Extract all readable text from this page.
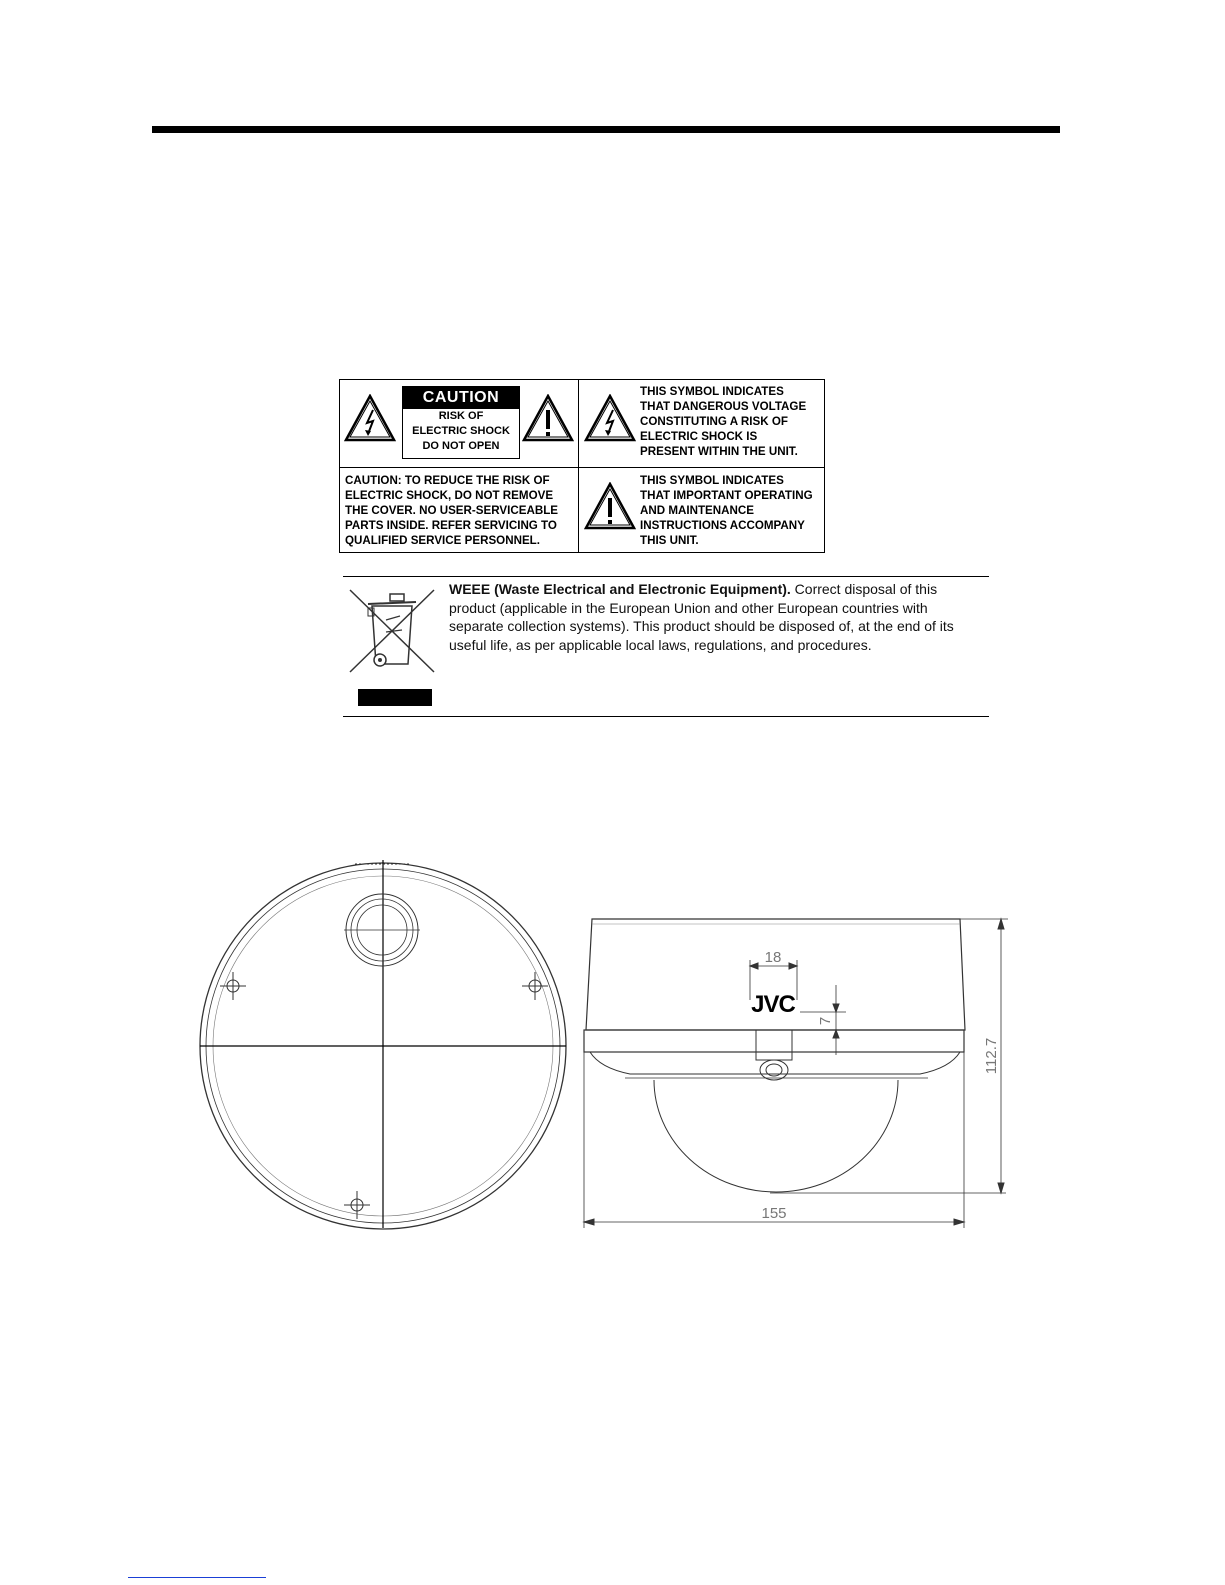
CAUTION
RISK OF
ELECTRIC SHOCK
DO NOT OPEN
THIS SYMBOL INDICATES
THAT DANGEROUS VOLTAGE
CONSTITUTING A RISK OF
ELECTRIC SHOCK IS
PRESENT WITHIN THE UNIT.
CAUTION: TO REDUCE THE RISK OF
ELECTRIC SHOCK, DO NOT REMOVE
THE COVER. NO USER-SERVICEABLE
PARTS INSIDE. REFER SERVICING TO
QUALIFIED SERVICE PERSONNEL.
THIS SYMBOL INDICATES
THAT IMPORTANT OPERATING
AND MAINTENANCE
INSTRUCTIONS ACCOMPANY
THIS UNIT.
WEEE (Waste Electrical and Electronic Equipment). Correct disposal of this product (applicable in the European Union and other European countries with separate collection systems). This product should be disposed of, at the end of its useful life, as per applicable local laws, regulations, and procedures.
JVC
18
7
112.7
155
